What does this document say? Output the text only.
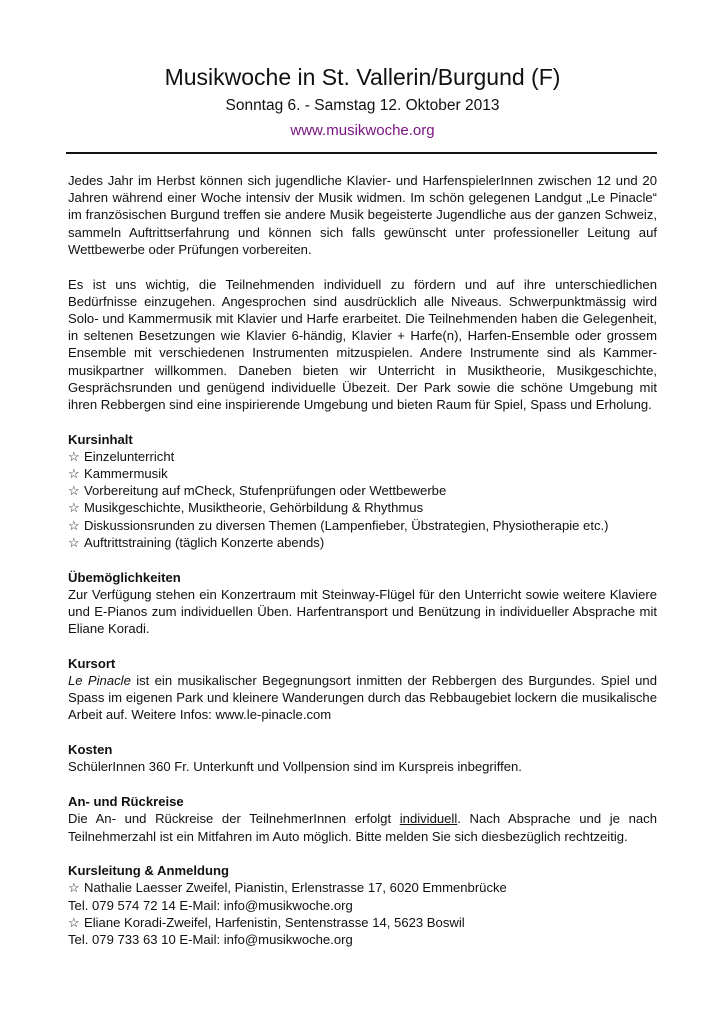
Musikwoche in St. Vallerin/Burgund (F)
Sonntag 6. - Samstag 12. Oktober 2013
www.musikwoche.org

Jedes Jahr im Herbst können sich jugendliche Klavier- und HarfenspielerInnen zwischen 12 und 20 Jahren während einer Woche intensiv der Musik widmen. Im schön gelegenen Landgut „Le Pinacle“ im französischen Burgund treffen sie andere Musik begeisterte Jugendliche aus der ganzen Schweiz, sammeln Auftrittserfahrung und können sich falls gewünscht unter professioneller Leitung auf Wettbewerbe oder Prüfungen vorbereiten.

Es ist uns wichtig, die Teilnehmenden individuell zu fördern und auf ihre unterschiedlichen Bedürfnisse einzugehen. Angesprochen sind ausdrücklich alle Niveaus. Schwerpunktmässig wird Solo- und Kammermusik mit Klavier und Harfe erarbeitet. Die Teilnehmenden haben die Gelegenheit, in seltenen Besetzungen wie Klavier 6-händig, Klavier + Harfe(n), Harfen-Ensemble oder grossem Ensemble mit verschiedenen Instrumenten mitzuspielen. Andere Instrumente sind als Kammer-musikpartner willkommen. Daneben bieten wir Unterricht in Musiktheorie, Musikgeschichte, Gesprächsrunden und genügend individuelle Übezeit. Der Park sowie die schöne Umgebung mit ihren Rebbergen sind eine inspirierende Umgebung und bieten Raum für Spiel, Spass und Erholung.

Kursinhalt

☆ Einzelunterricht

☆ Kammermusik

☆ Vorbereitung auf mCheck, Stufenprüfungen oder Wettbewerbe

☆ Musikgeschichte, Musiktheorie, Gehörbildung & Rhythmus

☆ Diskussionsrunden zu diversen Themen (Lampenfieber, Übstrategien, Physiotherapie etc.)

☆ Auftrittstraining (täglich Konzerte abends)

Übemöglichkeiten

Zur Verfügung stehen ein Konzertraum mit Steinway-Flügel für den Unterricht sowie weitere Klaviere und E-Pianos zum individuellen Üben. Harfentransport und Benützung in individueller Absprache mit Eliane Koradi.

Kursort

Le Pinacle ist ein musikalischer Begegnungsort inmitten der Rebbergen des Burgundes. Spiel und Spass im eigenen Park und kleinere Wanderungen durch das Rebbaugebiet lockern die musikalische Arbeit auf. Weitere Infos: www.le-pinacle.com

Kosten

SchülerInnen 360 Fr. Unterkunft und Vollpension sind im Kurspreis inbegriffen.

An- und Rückreise

Die An- und Rückreise der TeilnehmerInnen erfolgt individuell. Nach Absprache und je nach Teilnehmerzahl ist ein Mitfahren im Auto möglich. Bitte melden Sie sich diesbezüglich rechtzeitig.

Kursleitung & Anmeldung

☆ Nathalie Laesser Zweifel, Pianistin, Erlenstrasse 17, 6020 Emmenbrücke

Tel. 079 574 72 14 E-Mail: info@musikwoche.org

☆ Eliane Koradi-Zweifel, Harfenistin, Sentenstrasse 14, 5623 Boswil

Tel. 079 733 63 10 E-Mail: info@musikwoche.org
